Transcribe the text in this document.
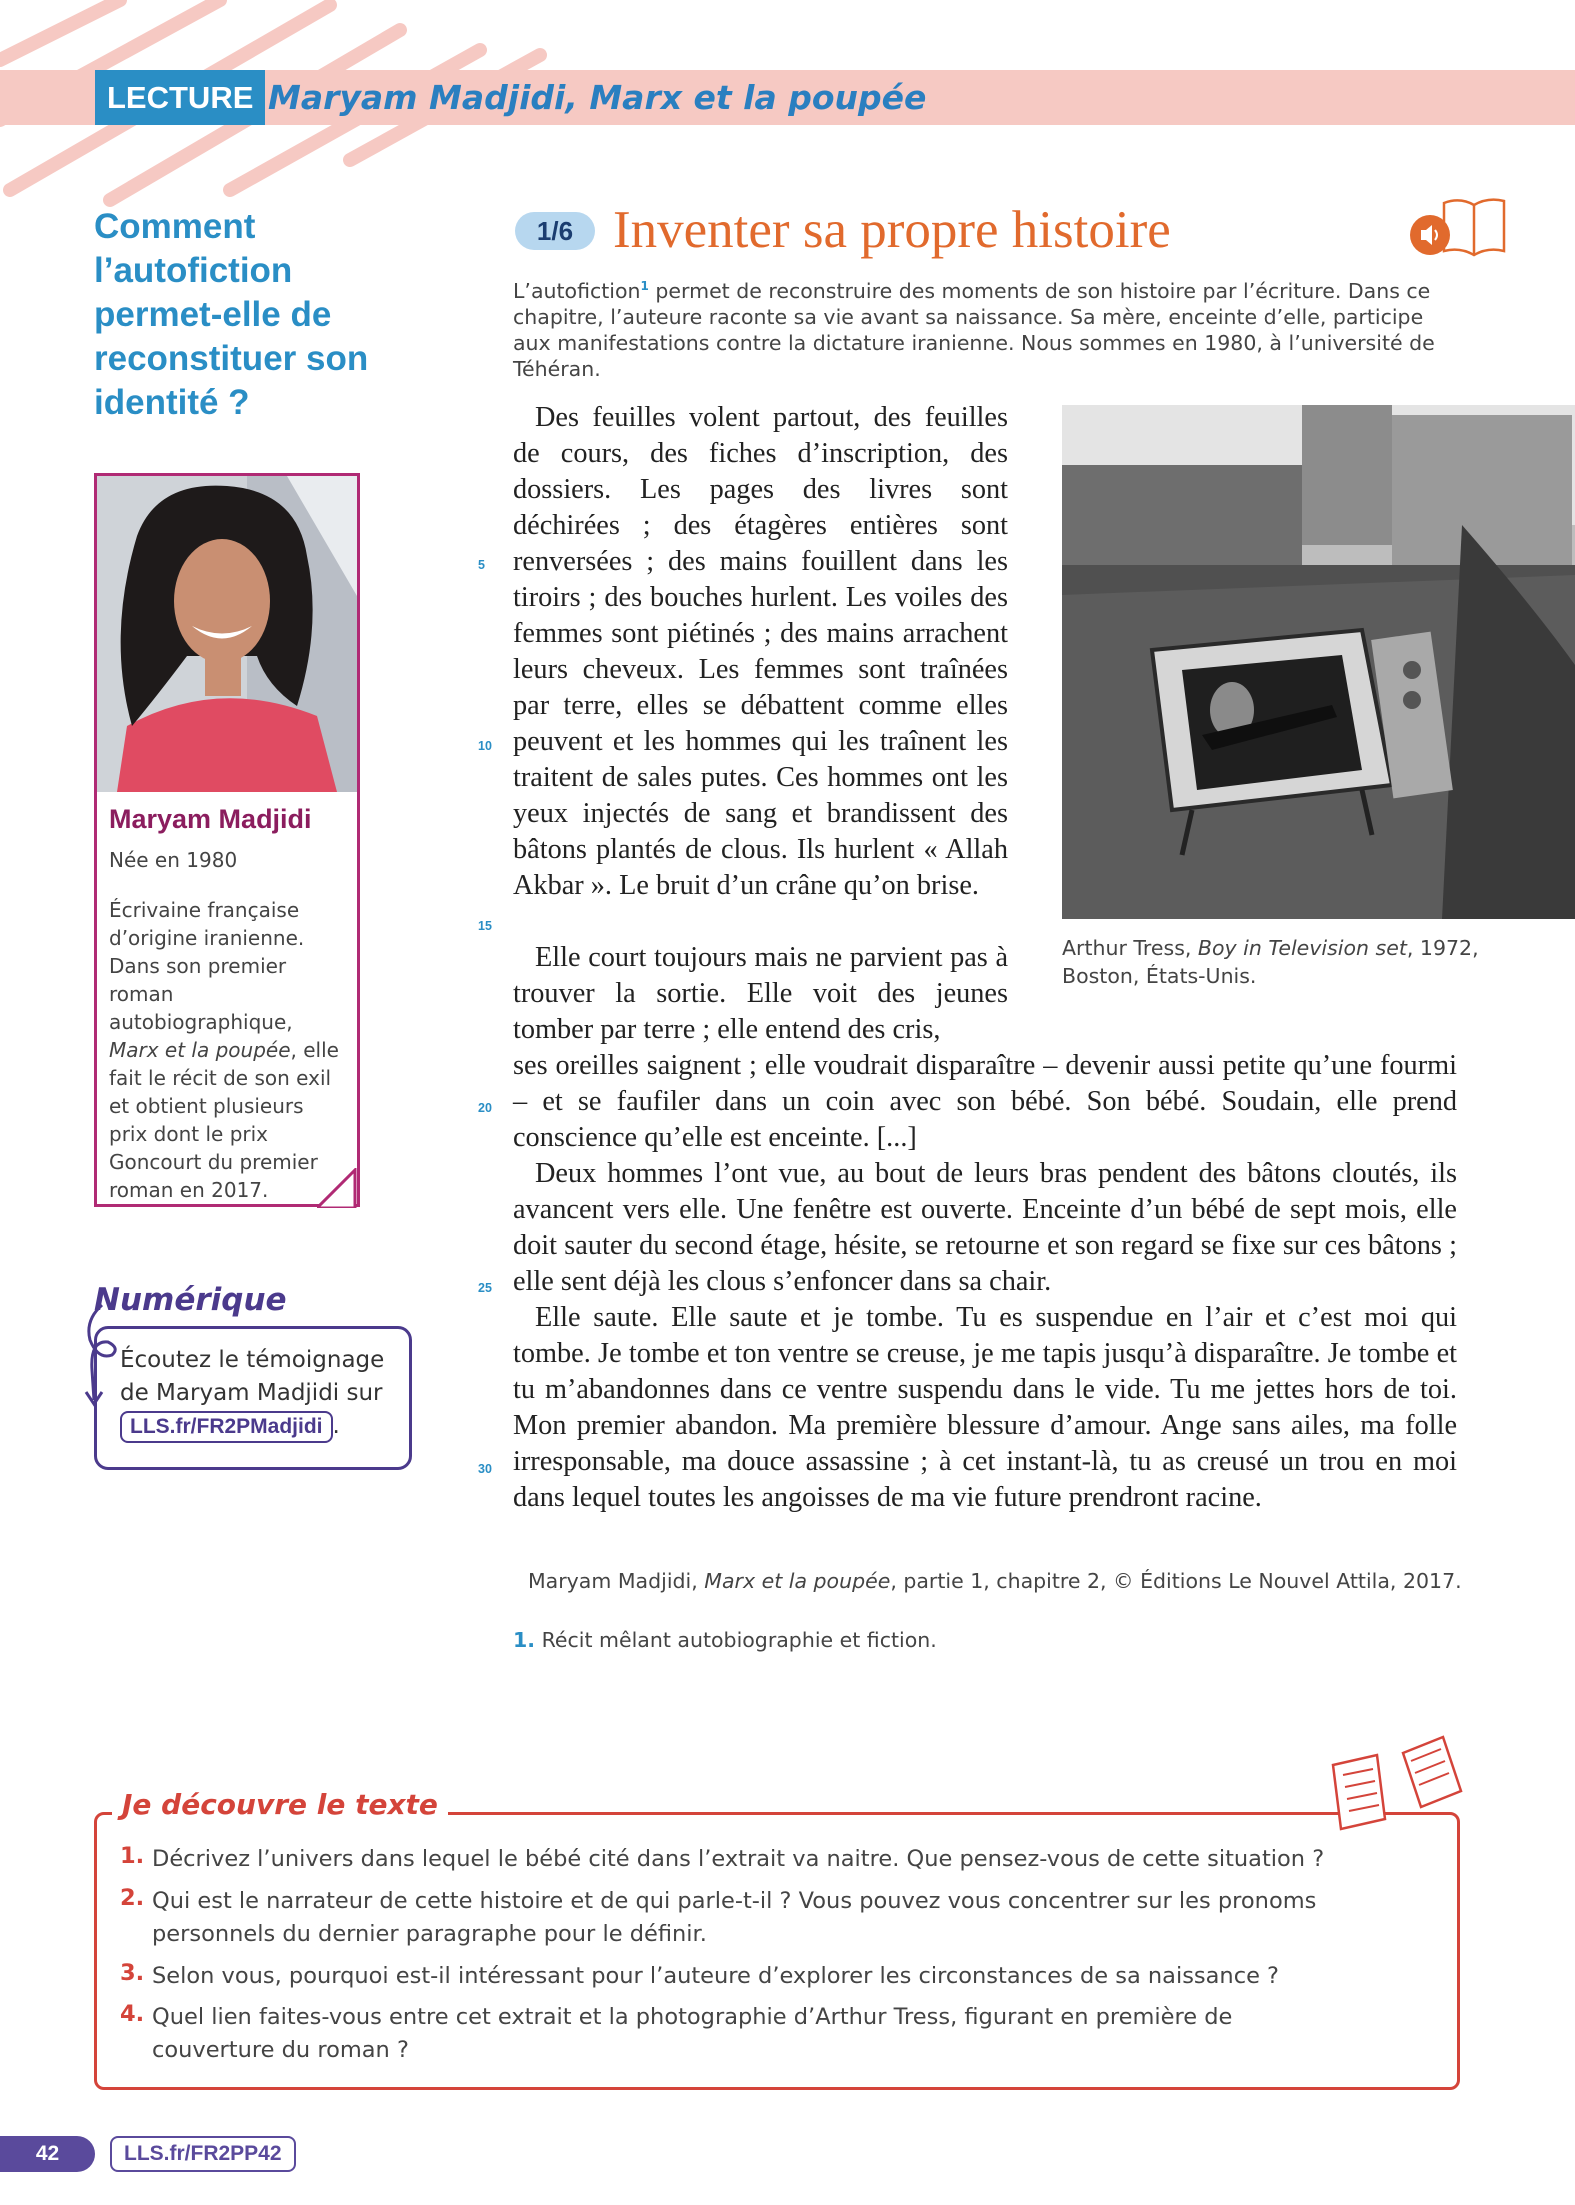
LECTURE Maryam Madjidi, Marx et la poupée
Comment l’autofiction permet-elle de reconstituer son identité ?
Maryam Madjidi
Née en 1980
Écrivaine française d’origine iranienne. Dans son premier roman autobiographique, Marx et la poupée, elle fait le récit de son exil et obtient plusieurs prix dont le prix Goncourt du premier roman en 2017.
Numérique
Écoutez le témoignage de Maryam Madjidi sur LLS.fr/FR2PMadjidi .
1/6 Inventer sa propre histoire
L’autofiction$^1$ permet de reconstruire des moments de son histoire par l’écriture. Dans ce chapitre, l’auteure raconte sa vie avant sa naissance. Sa mère, enceinte d’elle, participe aux manifestations contre la dictature iranienne. Nous sommes en 1980, à l’université de Téhéran.
Arthur Tress, Boy in Television set, 1972, Boston, États-Unis.

Des feuilles volent partout, des feuilles de cours, des fiches d’inscription, des dossiers. Les pages des livres sont déchirées ; des étagères entières sont renversées ; des mains fouillent dans les tiroirs ; des bouches hurlent. Les voiles des femmes sont piétinés ; des mains arrachent leurs cheveux. Les femmes sont traînées par terre, elles se débattent comme elles peuvent et les hommes qui les traînent les traitent de sales putes. Ces hommes ont les yeux injectés de sang et brandissent des bâtons plantés de clous. Ils hurlent « Allah Akbar ». Le bruit d’un crâne qu’on brise.

Elle court toujours mais ne parvient pas à trouver la sortie. Elle voit des jeunes tomber par terre ; elle entend des cris,

ses oreilles saignent ; elle voudrait disparaître – devenir aussi petite qu’une fourmi – et se faufiler dans un coin avec son bébé. Son bébé. Soudain, elle prend conscience qu’elle est enceinte. [...]

Deux hommes l’ont vue, au bout de leurs bras pendent des bâtons cloutés, ils avancent vers elle. Une fenêtre est ouverte. Enceinte d’un bébé de sept mois, elle doit sauter du second étage, hésite, se retourne et son regard se fixe sur ces bâtons ; elle sent déjà les clous s’enfoncer dans sa chair.

Elle saute. Elle saute et je tombe. Tu es suspendue en l’air et c’est moi qui tombe. Je tombe et ton ventre se creuse, je me tapis jusqu’à disparaître. Je tombe et tu m’abandonnes dans ce ventre suspendu dans le vide. Tu me jettes hors de toi. Mon premier abandon. Ma première blessure d’amour. Ange sans ailes, ma folle irresponsable, ma douce assassine ; à cet instant-là, tu as creusé un trou en moi dans lequel toutes les angoisses de ma vie future prendront racine.

5
10
15
20
25
30
Maryam Madjidi, Marx et la poupée, partie 1, chapitre 2, © Éditions Le Nouvel Attila, 2017.
1. Récit mêlant autobiographie et fiction.
Je découvre le texte
1. Décrivez l’univers dans lequel le bébé cité dans l’extrait va naitre. Que pensez-vous de cette situation ?
2. Qui est le narrateur de cette histoire et de qui parle-t-il ? Vous pouvez vous concentrer sur les pronoms personnels du dernier paragraphe pour le définir.
3. Selon vous, pourquoi est-il intéressant pour l’auteure d’explorer les circonstances de sa naissance ?
4. Quel lien faites-vous entre cet extrait et la photographie d’Arthur Tress, figurant en première de couverture du roman ?
42	LLS.fr/FR2PP42
